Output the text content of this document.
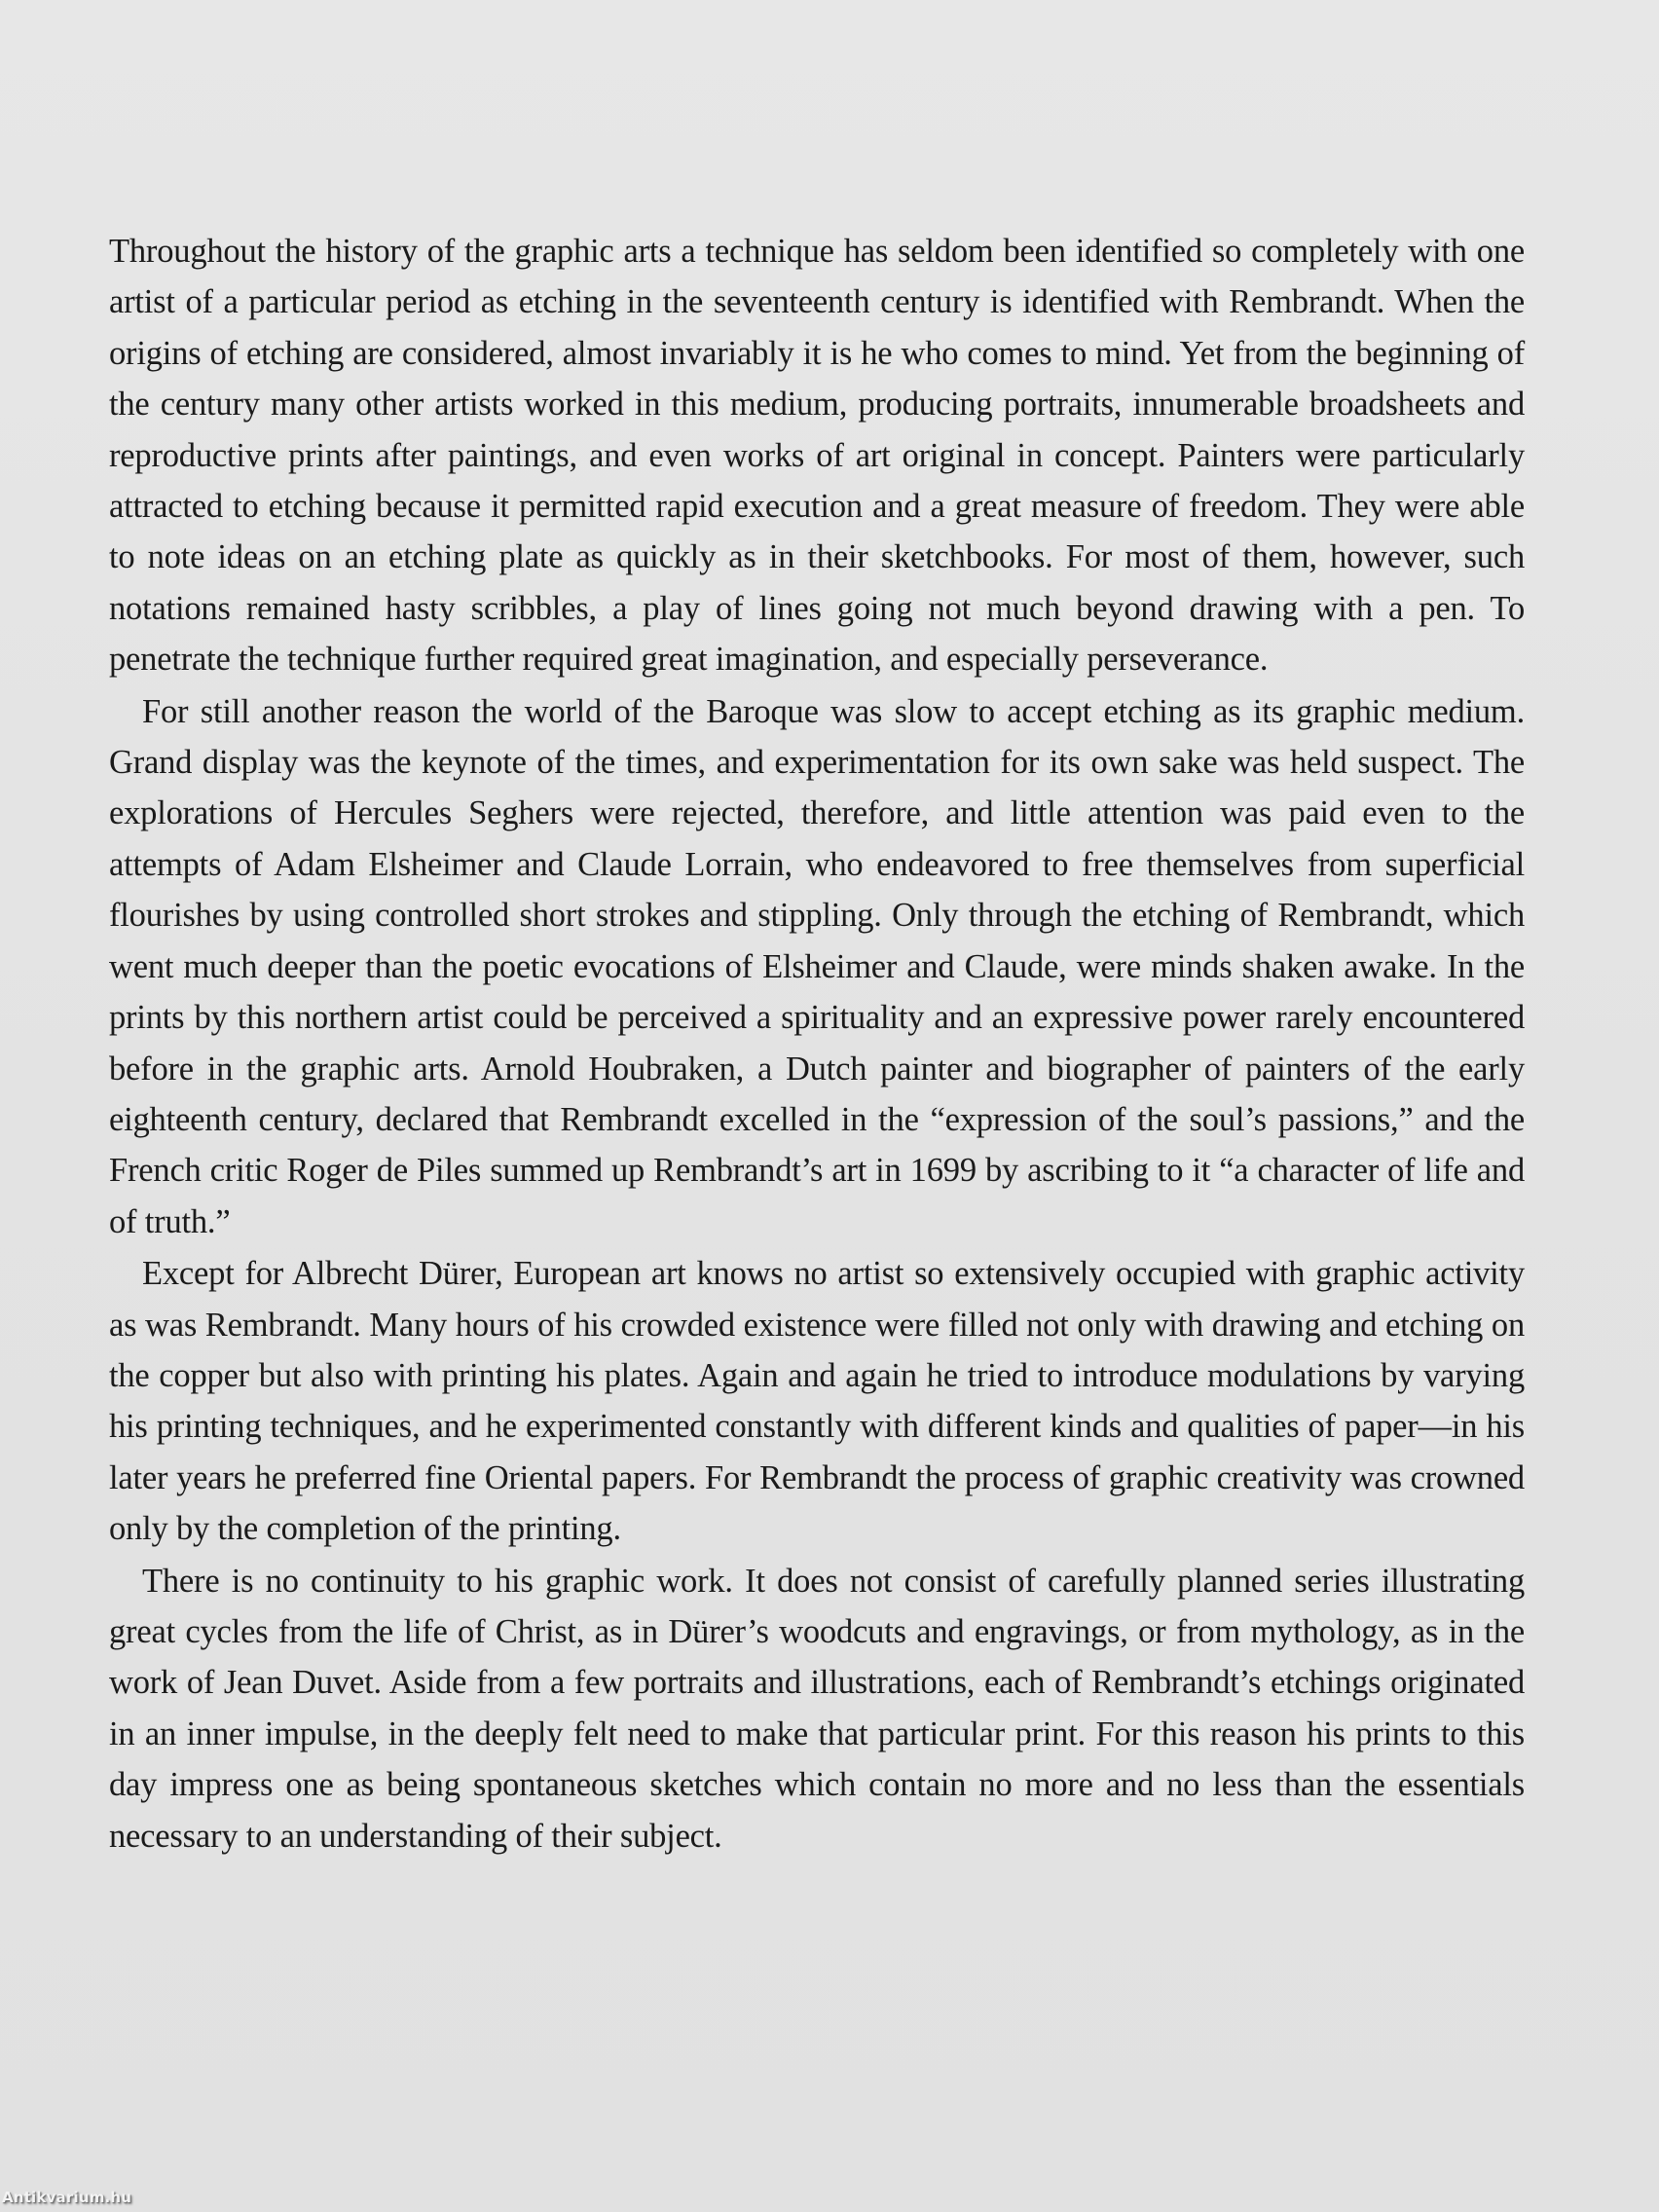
Throughout the history of the graphic arts a technique has seldom been identified so completely with one artist of a particular period as etching in the seventeenth century is identified with Rembrandt. When the origins of etching are considered, almost invariably it is he who comes to mind. Yet from the beginning of the century many other artists worked in this medium, producing portraits, innumerable broadsheets and reproductive prints after paintings, and even works of art original in concept. Painters were particularly attracted to etching because it permitted rapid execution and a great measure of freedom. They were able to note ideas on an etching plate as quickly as in their sketchbooks. For most of them, however, such notations remained hasty scribbles, a play of lines going not much beyond drawing with a pen. To penetrate the technique further required great imagination, and especially perseverance.

For still another reason the world of the Baroque was slow to accept etching as its graphic medium. Grand display was the keynote of the times, and experimentation for its own sake was held suspect. The explorations of Hercules Seghers were rejected, therefore, and little attention was paid even to the attempts of Adam Elsheimer and Claude Lorrain, who endeavored to free themselves from superficial flourishes by using controlled short strokes and stippling. Only through the etching of Rembrandt, which went much deeper than the poetic evocations of Elsheimer and Claude, were minds shaken awake. In the prints by this northern artist could be perceived a spirituality and an expressive power rarely encountered before in the graphic arts. Arnold Houbraken, a Dutch painter and biographer of painters of the early eighteenth century, declared that Rembrandt excelled in the “expression of the soul’s passions,” and the French critic Roger de Piles summed up Rembrandt’s art in 1699 by ascribing to it “a character of life and of truth.”

Except for Albrecht Dürer, European art knows no artist so extensively occupied with graphic activity as was Rembrandt. Many hours of his crowded existence were filled not only with drawing and etching on the copper but also with printing his plates. Again and again he tried to introduce modulations by varying his printing techniques, and he experimented constantly with different kinds and qualities of paper—in his later years he preferred fine Oriental papers. For Rembrandt the process of graphic creativity was crowned only by the completion of the printing.

There is no continuity to his graphic work. It does not consist of carefully planned series illustrating great cycles from the life of Christ, as in Dürer’s woodcuts and engravings, or from mythology, as in the work of Jean Duvet. Aside from a few portraits and illustrations, each of Rembrandt’s etchings originated in an inner impulse, in the deeply felt need to make that particular print. For this reason his prints to this day impress one as being spontaneous sketches which contain no more and no less than the essentials necessary to an understanding of their subject.

Antikvarium.hu
